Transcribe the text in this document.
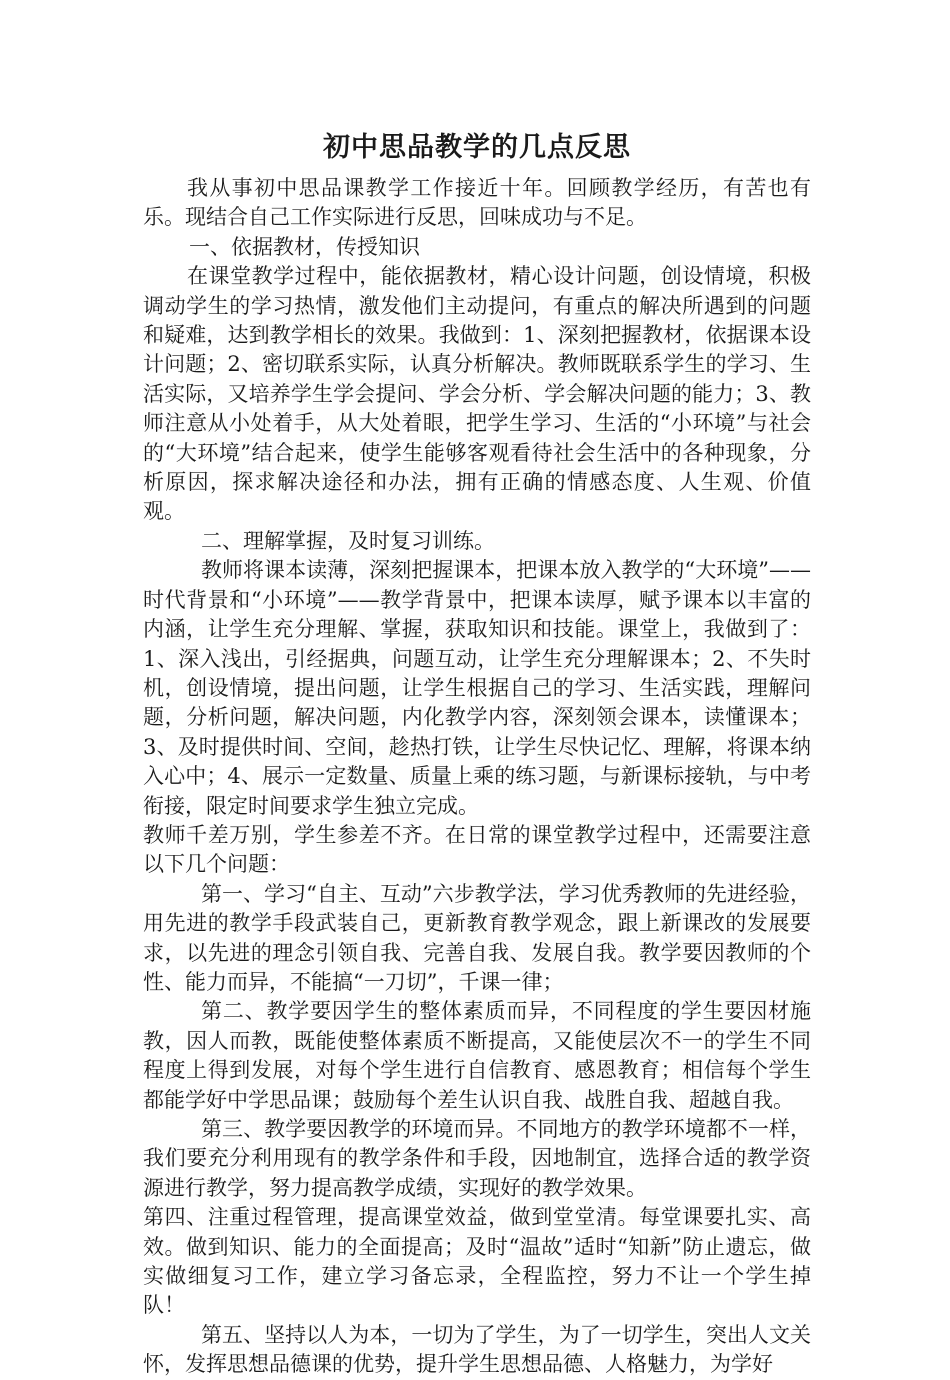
初中思品教学的几点反思

我从事初中思品课教学工作接近十年。回顾教学经历，有苦也有乐。现结合自己工作实际进行反思，回味成功与不足。

一、依据教材，传授知识

在课堂教学过程中，能依据教材，精心设计问题，创设情境，积极调动学生的学习热情，激发他们主动提问，有重点的解决所遇到的问题和疑难，达到教学相长的效果。我做到：1、深刻把握教材，依据课本设计问题；2、密切联系实际，认真分析解决。教师既联系学生的学习、生活实际，又培养学生学会提问、学会分析、学会解决问题的能力；3、教师注意从小处着手，从大处着眼，把学生学习、生活的“小环境”与社会的“大环境”结合起来，使学生能够客观看待社会生活中的各种现象，分析原因，探求解决途径和办法，拥有正确的情感态度、人生观、价值观。

二、理解掌握，及时复习训练。

教师将课本读薄，深刻把握课本，把课本放入教学的“大环境”——时代背景和“小环境”——教学背景中，把课本读厚，赋予课本以丰富的内涵，让学生充分理解、掌握，获取知识和技能。课堂上，我做到了：1、深入浅出，引经据典，问题互动，让学生充分理解课本；2、不失时机，创设情境，提出问题，让学生根据自己的学习、生活实践，理解问题，分析问题，解决问题，内化教学内容，深刻领会课本，读懂课本；3、及时提供时间、空间，趁热打铁，让学生尽快记忆、理解，将课本纳入心中；4、展示一定数量、质量上乘的练习题，与新课标接轨，与中考衔接，限定时间要求学生独立完成。

教师千差万别，学生参差不齐。在日常的课堂教学过程中，还需要注意以下几个问题：

第一、学习“自主、互动”六步教学法，学习优秀教师的先进经验，用先进的教学手段武装自己，更新教育教学观念，跟上新课改的发展要求，以先进的理念引领自我、完善自我、发展自我。教学要因教师的个性、能力而异，不能搞“一刀切”，千课一律；

第二、教学要因学生的整体素质而异，不同程度的学生要因材施教，因人而教，既能使整体素质不断提高，又能使层次不一的学生不同程度上得到发展，对每个学生进行自信教育、感恩教育；相信每个学生都能学好中学思品课；鼓励每个差生认识自我、战胜自我、超越自我。

第三、教学要因教学的环境而异。不同地方的教学环境都不一样，我们要充分利用现有的教学条件和手段，因地制宜，选择合适的教学资源进行教学，努力提高教学成绩，实现好的教学效果。

第四、注重过程管理，提高课堂效益，做到堂堂清。每堂课要扎实、高效。做到知识、能力的全面提高；及时“温故”适时“知新”防止遗忘，做实做细复习工作，建立学习备忘录，全程监控，努力不让一个学生掉队！

第五、坚持以人为本，一切为了学生，为了一切学生，突出人文关怀，发挥思想品德课的优势，提升学生思想品德、人格魅力，为学好
